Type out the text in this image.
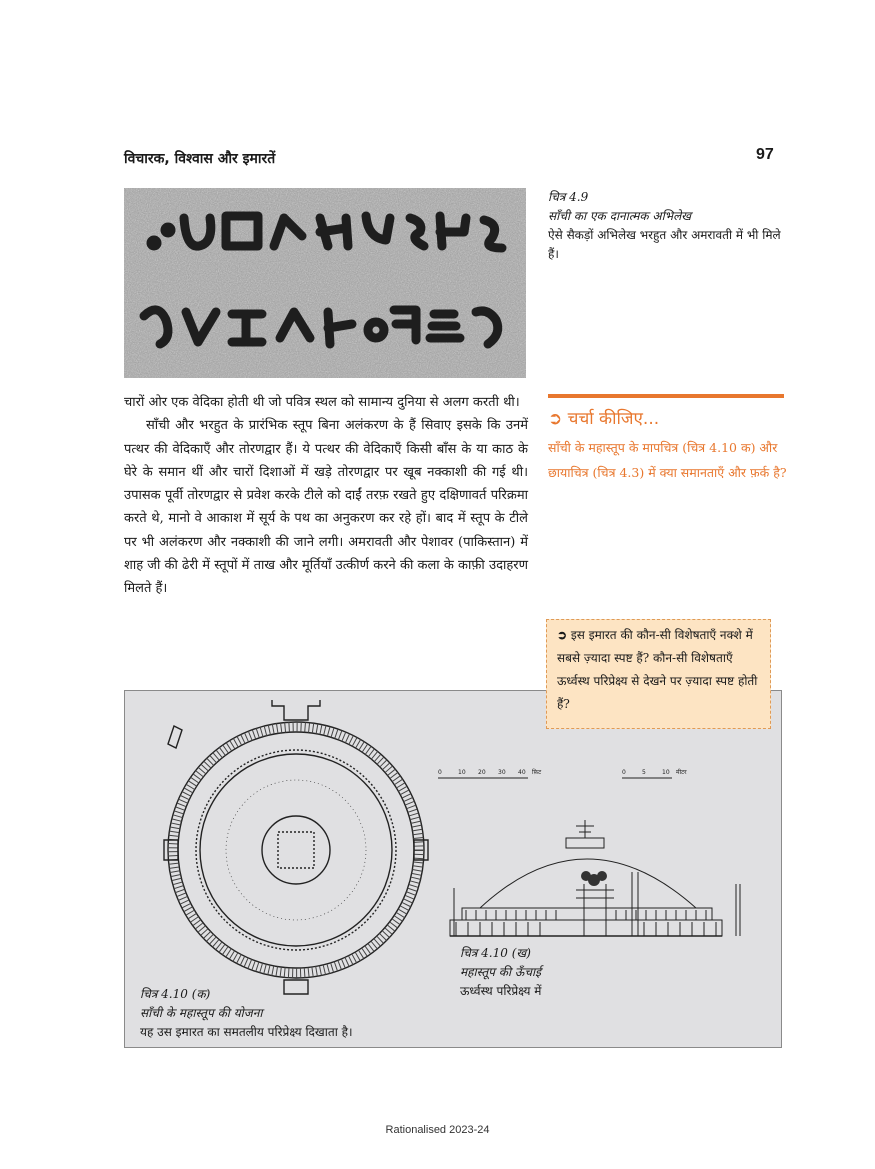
विचारक, विश्वास और इमारतें	97
चित्र 4.9
साँची का एक दानात्मक अभिलेख
ऐसे सैकड़ों अभिलेख भरहुत और अमरावती में भी मिले हैं।

चारों ओर एक वेदिका होती थी जो पवित्र स्थल को सामान्य दुनिया से अलग करती थी।

साँची और भरहुत के प्रारंभिक स्तूप बिना अलंकरण के हैं सिवाए इसके कि उनमें पत्थर की वेदिकाएँ और तोरणद्वार हैं। ये पत्थर की वेदिकाएँ किसी बाँस के या काठ के घेरे के समान थीं और चारों दिशाओं में खड़े तोरणद्वार पर खूब नक्काशी की गई थी। उपासक पूर्वी तोरणद्वार से प्रवेश करके टीले को दाईं तरफ़ रखते हुए दक्षिणावर्त परिक्रमा करते थे, मानो वे आकाश में सूर्य के पथ का अनुकरण कर रहे हों। बाद में स्तूप के टीले पर भी अलंकरण और नक्काशी की जाने लगी। अमरावती और पेशावर (पाकिस्तान) में शाह जी की ढेरी में स्तूपों में ताख और मूर्तियाँ उत्कीर्ण करने की कला के काफ़ी उदाहरण मिलते हैं।

➲ चर्चा कीजिए...
साँची के महास्तूप के मापचित्र (चित्र 4.10 क) और छायाचित्र (चित्र 4.3) में क्या समानताएँ और फ़र्क है?
➲ इस इमारत की कौन-सी विशेषताएँ नक्शे में सबसे ज़्यादा स्पष्ट हैं? कौन-सी विशेषताएँ ऊर्ध्वस्थ परिप्रेक्ष्य से देखने पर ज़्यादा स्पष्ट होती हैं?
0	10 20 30 40 फ़िट	0	5	10 मीटर
चित्र 4.10 (ख)
महास्तूप की ऊँचाई
ऊर्ध्वस्थ परिप्रेक्ष्य में
चित्र 4.10 (क)
साँची के महास्तूप की योजना
यह उस इमारत का समतलीय परिप्रेक्ष्य दिखाता है।
Rationalised 2023-24
